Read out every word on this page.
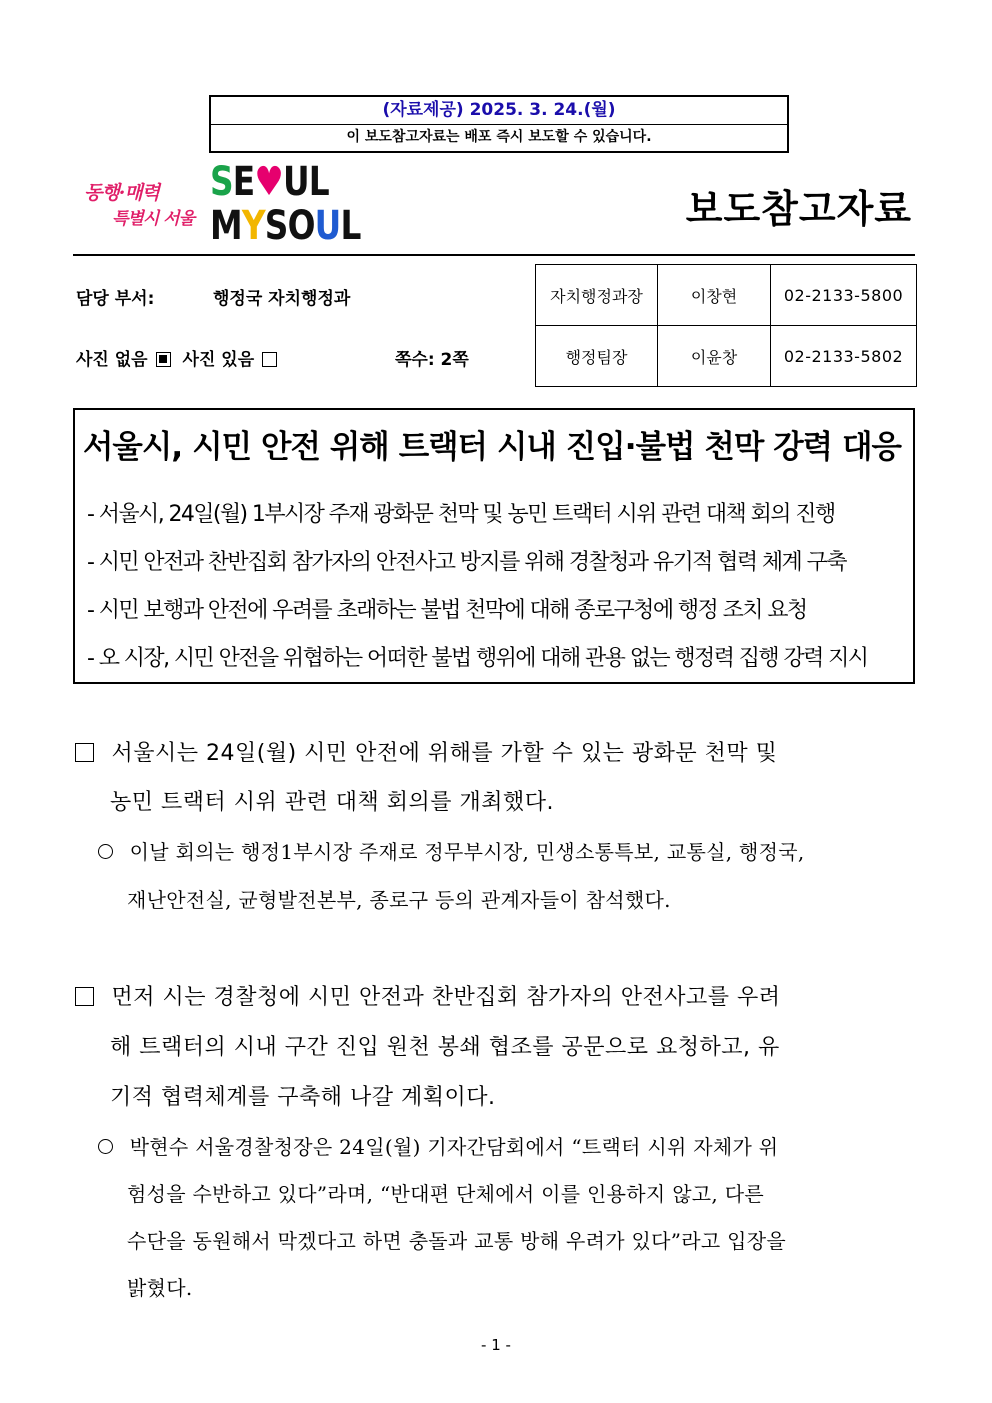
(자료제공) 2025. 3. 24.(월)
이 보도참고자료는 배포 즉시 보도할 수 있습니다.
동행·매력
특별시 서울
SE♥UL
MYSOUL	보도참고자료
담당 부서:	행정국 자치행정과
사진 없음 사진 있음	쪽수: 2쪽
자치행정과장	이창현	02-2133-5800
행정팀장	이윤창	02-2133-5802
서울시, 시민 안전 위해 트랙터 시내 진입·불법 천막 강력 대응
- 서울시, 24일(월) 1부시장 주재 광화문 천막 및 농민 트랙터 시위 관련 대책 회의 진행
- 시민 안전과 찬반집회 참가자의 안전사고 방지를 위해 경찰청과 유기적 협력 체계 구축
- 시민 보행과 안전에 우려를 초래하는 불법 천막에 대해 종로구청에 행정 조치 요청
- 오 시장, 시민 안전을 위협하는 어떠한 불법 행위에 대해 관용 없는 행정력 집행 강력 지시
서울시는 24일(월) 시민 안전에 위해를 가할 수 있는 광화문 천막 및
농민 트랙터 시위 관련 대책 회의를 개최했다.
이날 회의는 행정1부시장 주재로 정무부시장, 민생소통특보, 교통실, 행정국,
재난안전실, 균형발전본부, 종로구 등의 관계자들이 참석했다.
먼저 시는 경찰청에 시민 안전과 찬반집회 참가자의 안전사고를 우려
해 트랙터의 시내 구간 진입 원천 봉쇄 협조를 공문으로 요청하고, 유
기적 협력체계를 구축해 나갈 계획이다.
박현수 서울경찰청장은 24일(월) 기자간담회에서 “트랙터 시위 자체가 위
험성을 수반하고 있다”라며, “반대편 단체에서 이를 인용하지 않고, 다른
수단을 동원해서 막겠다고 하면 충돌과 교통 방해 우려가 있다”라고 입장을
밝혔다.
- 1 -
